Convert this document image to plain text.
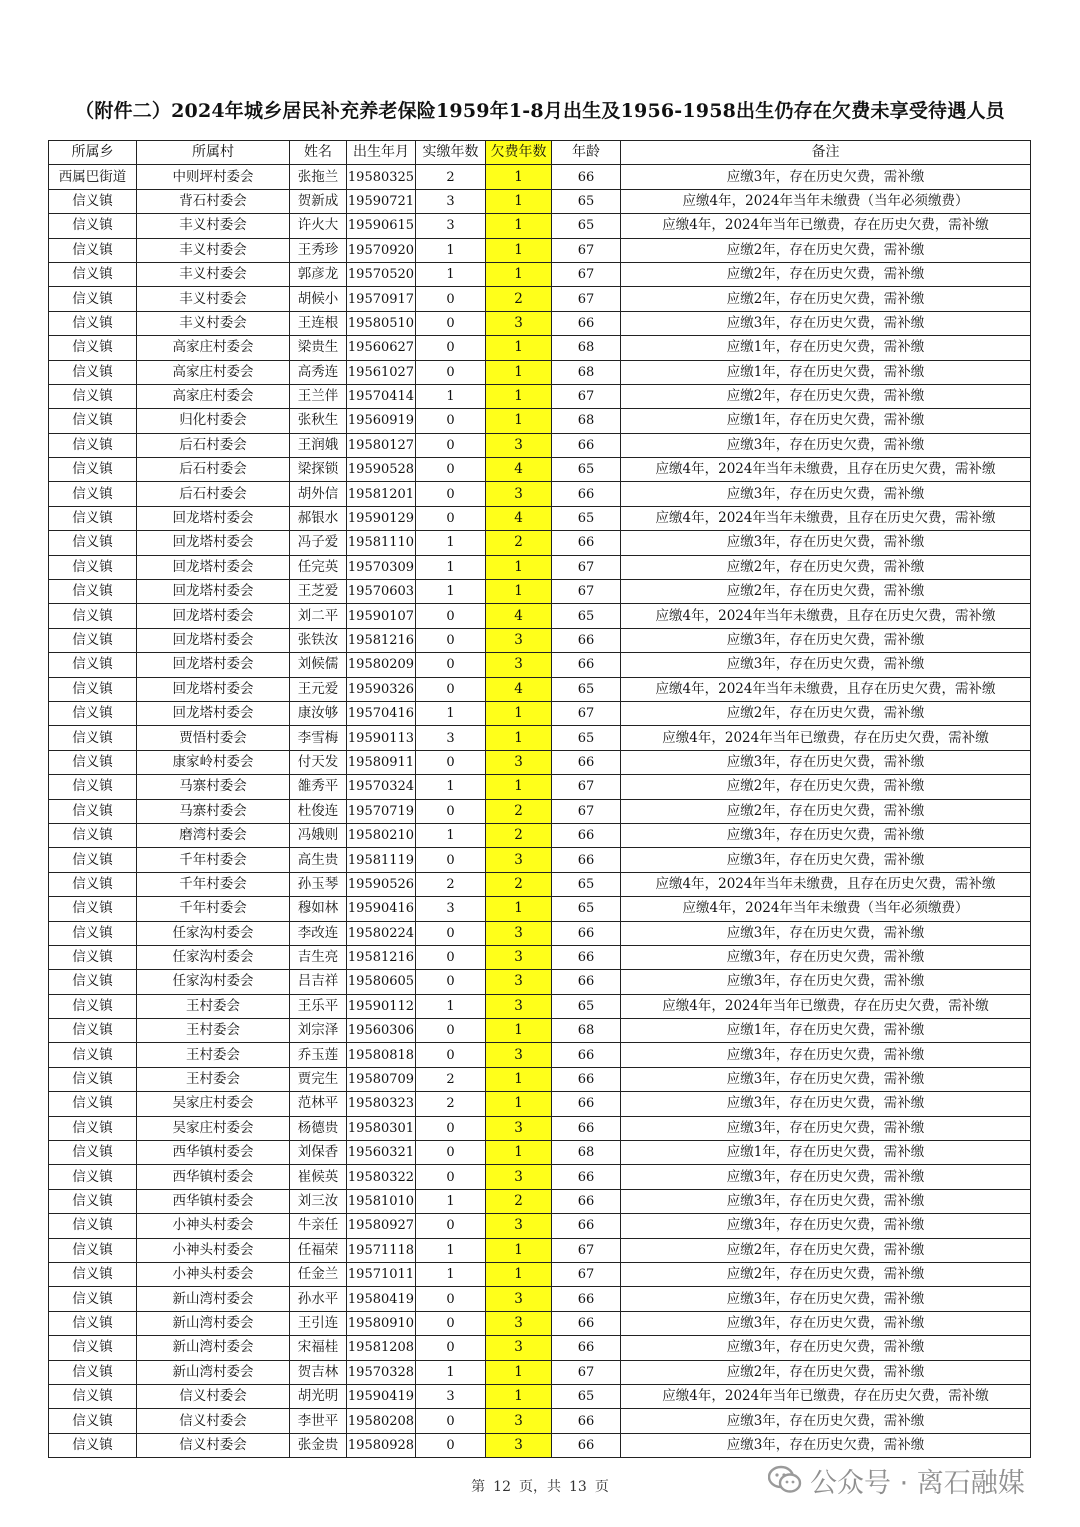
（附件二）2024年城乡居民补充养老保险1959年1-8月出生及1956-1958出生仍存在欠费未享受待遇人员
所属乡	所属村	姓名	出生年月	实缴年数	欠费年数	年龄	备注
西属巴街道	中则坪村委会	张拖兰	19580325	2	1	66	应缴3年，存在历史欠费，需补缴
信义镇	背石村委会	贺新成	19590721	3	1	65	应缴4年，2024年当年未缴费（当年必须缴费）
信义镇	丰义村委会	许火大	19590615	3	1	65	应缴4年，2024年当年已缴费，存在历史欠费，需补缴
信义镇	丰义村委会	王秀珍	19570920	1	1	67	应缴2年，存在历史欠费，需补缴
信义镇	丰义村委会	郭彦龙	19570520	1	1	67	应缴2年，存在历史欠费，需补缴
信义镇	丰义村委会	胡候小	19570917	0	2	67	应缴2年，存在历史欠费，需补缴
信义镇	丰义村委会	王连根	19580510	0	3	66	应缴3年，存在历史欠费，需补缴
信义镇	高家庄村委会	梁贵生	19560627	0	1	68	应缴1年，存在历史欠费，需补缴
信义镇	高家庄村委会	高秀连	19561027	0	1	68	应缴1年，存在历史欠费，需补缴
信义镇	高家庄村委会	王兰伴	19570414	1	1	67	应缴2年，存在历史欠费，需补缴
信义镇	归化村委会	张秋生	19560919	0	1	68	应缴1年，存在历史欠费，需补缴
信义镇	后石村委会	王润娥	19580127	0	3	66	应缴3年，存在历史欠费，需补缴
信义镇	后石村委会	梁探锁	19590528	0	4	65	应缴4年，2024年当年未缴费，且存在历史欠费，需补缴
信义镇	后石村委会	胡外信	19581201	0	3	66	应缴3年，存在历史欠费，需补缴
信义镇	回龙塔村委会	郝银水	19590129	0	4	65	应缴4年，2024年当年未缴费，且存在历史欠费，需补缴
信义镇	回龙塔村委会	冯子爱	19581110	1	2	66	应缴3年，存在历史欠费，需补缴
信义镇	回龙塔村委会	任完英	19570309	1	1	67	应缴2年，存在历史欠费，需补缴
信义镇	回龙塔村委会	王芝爱	19570603	1	1	67	应缴2年，存在历史欠费，需补缴
信义镇	回龙塔村委会	刘二平	19590107	0	4	65	应缴4年，2024年当年未缴费，且存在历史欠费，需补缴
信义镇	回龙塔村委会	张铁汝	19581216	0	3	66	应缴3年，存在历史欠费，需补缴
信义镇	回龙塔村委会	刘候儒	19580209	0	3	66	应缴3年，存在历史欠费，需补缴
信义镇	回龙塔村委会	王元爱	19590326	0	4	65	应缴4年，2024年当年未缴费，且存在历史欠费，需补缴
信义镇	回龙塔村委会	康汝够	19570416	1	1	67	应缴2年，存在历史欠费，需补缴
信义镇	贾悟村委会	李雪梅	19590113	3	1	65	应缴4年，2024年当年已缴费，存在历史欠费，需补缴
信义镇	康家岭村委会	付天发	19580911	0	3	66	应缴3年，存在历史欠费，需补缴
信义镇	马寨村委会	雒秀平	19570324	1	1	67	应缴2年，存在历史欠费，需补缴
信义镇	马寨村委会	杜俊连	19570719	0	2	67	应缴2年，存在历史欠费，需补缴
信义镇	磨湾村委会	冯娥则	19580210	1	2	66	应缴3年，存在历史欠费，需补缴
信义镇	千年村委会	高生贵	19581119	0	3	66	应缴3年，存在历史欠费，需补缴
信义镇	千年村委会	孙玉琴	19590526	2	2	65	应缴4年，2024年当年未缴费，且存在历史欠费，需补缴
信义镇	千年村委会	穆如林	19590416	3	1	65	应缴4年，2024年当年未缴费（当年必须缴费）
信义镇	任家沟村委会	李改连	19580224	0	3	66	应缴3年，存在历史欠费，需补缴
信义镇	任家沟村委会	吉生亮	19581216	0	3	66	应缴3年，存在历史欠费，需补缴
信义镇	任家沟村委会	吕吉祥	19580605	0	3	66	应缴3年，存在历史欠费，需补缴
信义镇	王村委会	王乐平	19590112	1	3	65	应缴4年，2024年当年已缴费，存在历史欠费，需补缴
信义镇	王村委会	刘宗泽	19560306	0	1	68	应缴1年，存在历史欠费，需补缴
信义镇	王村委会	乔玉莲	19580818	0	3	66	应缴3年，存在历史欠费，需补缴
信义镇	王村委会	贾完生	19580709	2	1	66	应缴3年，存在历史欠费，需补缴
信义镇	吴家庄村委会	范林平	19580323	2	1	66	应缴3年，存在历史欠费，需补缴
信义镇	吴家庄村委会	杨德贵	19580301	0	3	66	应缴3年，存在历史欠费，需补缴
信义镇	西华镇村委会	刘保香	19560321	0	1	68	应缴1年，存在历史欠费，需补缴
信义镇	西华镇村委会	崔候英	19580322	0	3	66	应缴3年，存在历史欠费，需补缴
信义镇	西华镇村委会	刘三汝	19581010	1	2	66	应缴3年，存在历史欠费，需补缴
信义镇	小神头村委会	牛亲任	19580927	0	3	66	应缴3年，存在历史欠费，需补缴
信义镇	小神头村委会	任福荣	19571118	1	1	67	应缴2年，存在历史欠费，需补缴
信义镇	小神头村委会	任金兰	19571011	1	1	67	应缴2年，存在历史欠费，需补缴
信义镇	新山湾村委会	孙水平	19580419	0	3	66	应缴3年，存在历史欠费，需补缴
信义镇	新山湾村委会	王引连	19580910	0	3	66	应缴3年，存在历史欠费，需补缴
信义镇	新山湾村委会	宋福桂	19581208	0	3	66	应缴3年，存在历史欠费，需补缴
信义镇	新山湾村委会	贺吉林	19570328	1	1	67	应缴2年，存在历史欠费，需补缴
信义镇	信义村委会	胡光明	19590419	3	1	65	应缴4年，2024年当年已缴费，存在历史欠费，需补缴
信义镇	信义村委会	李世平	19580208	0	3	66	应缴3年，存在历史欠费，需补缴
信义镇	信义村委会	张金贵	19580928	0	3	66	应缴3年，存在历史欠费，需补缴
第 12 页，共 13 页	公众号 · 离石融媒
